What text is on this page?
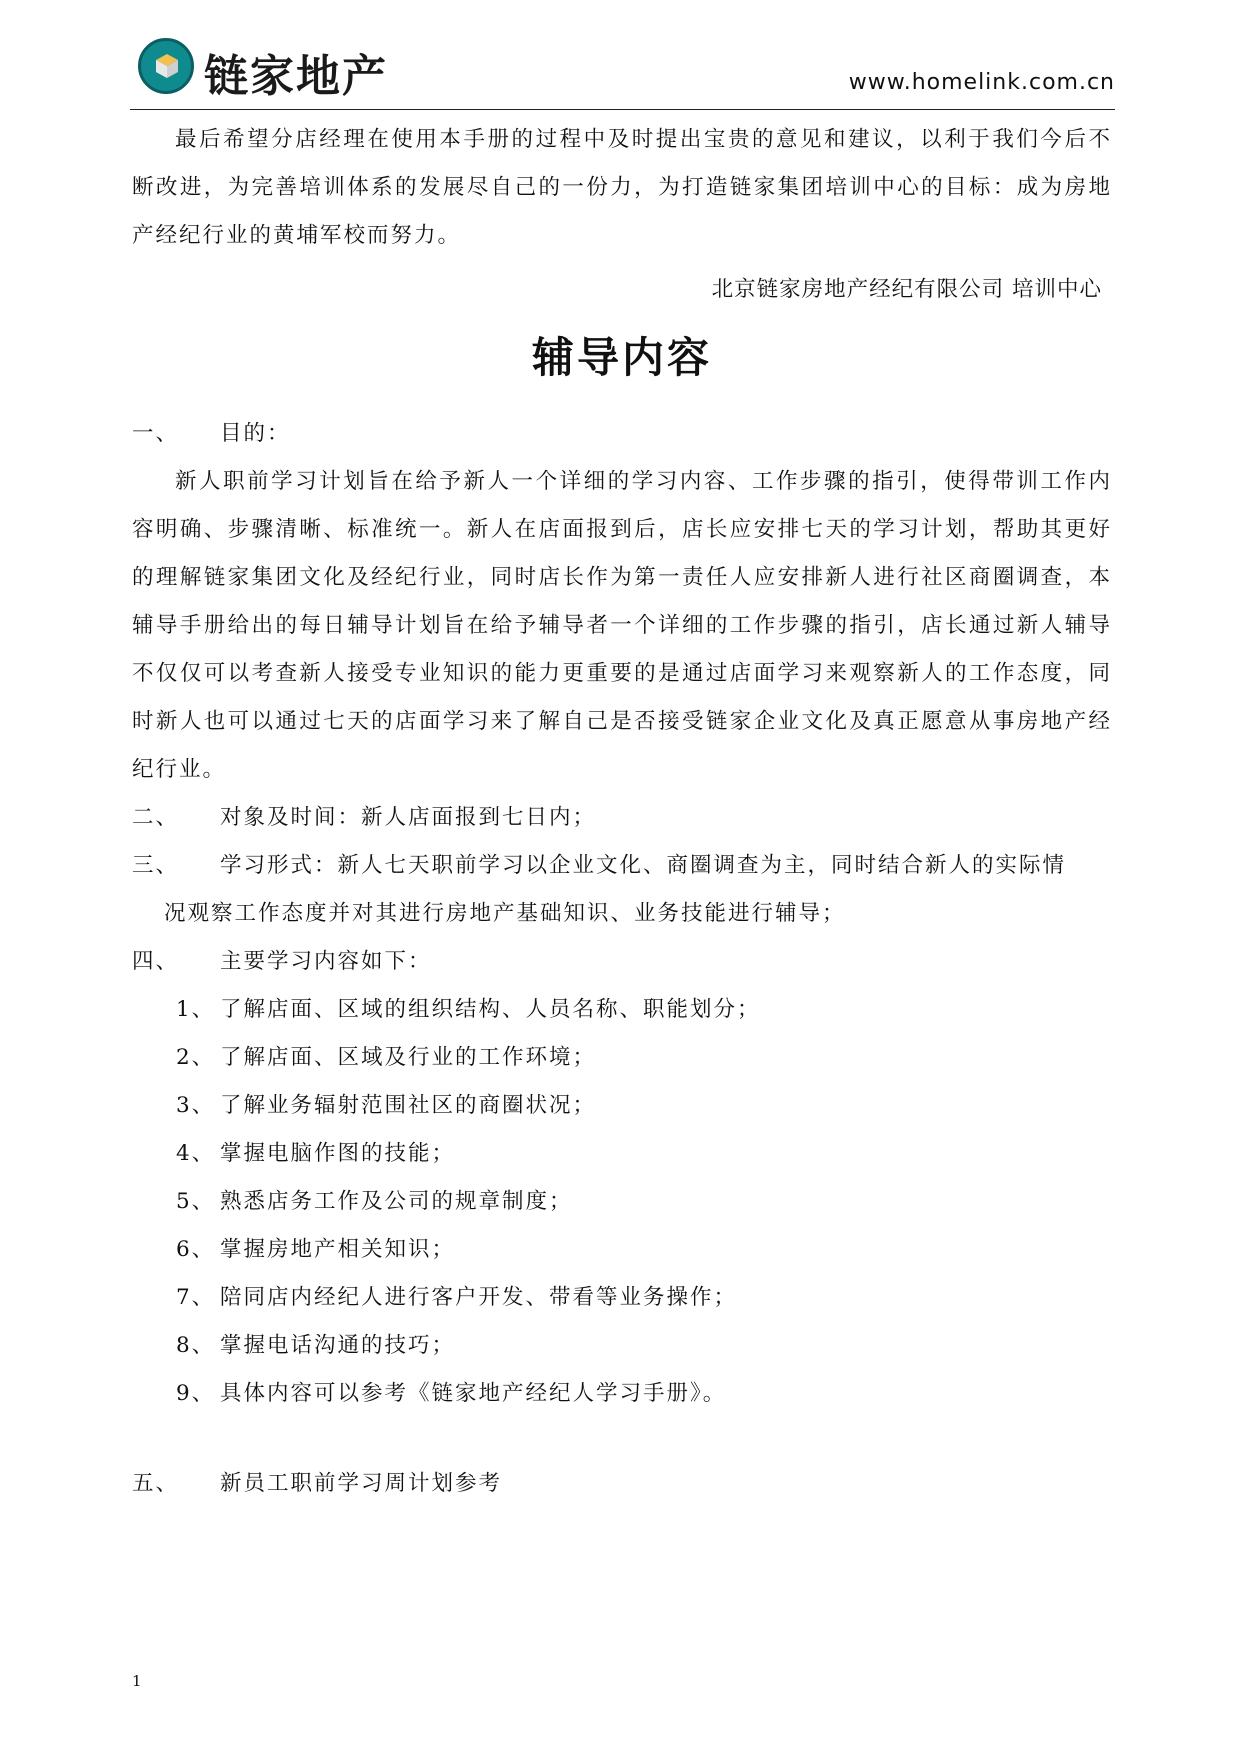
链家地产	www.homelink.com.cn

最后希望分店经理在使用本手册的过程中及时提出宝贵的意见和建议，以利于我们今后不断改进，为完善培训体系的发展尽自己的一份力，为打造链家集团培训中心的目标：成为房地产经纪行业的黄埔军校而努力。

北京链家房地产经纪有限公司 培训中心
辅导内容
一、	目的：

新人职前学习计划旨在给予新人一个详细的学习内容、工作步骤的指引，使得带训工作内容明确、步骤清晰、标准统一。新人在店面报到后，店长应安排七天的学习计划，帮助其更好的理解链家集团文化及经纪行业，同时店长作为第一责任人应安排新人进行社区商圈调查，本辅导手册给出的每日辅导计划旨在给予辅导者一个详细的工作步骤的指引，店长通过新人辅导不仅仅可以考查新人接受专业知识的能力更重要的是通过店面学习来观察新人的工作态度，同时新人也可以通过七天的店面学习来了解自己是否接受链家企业文化及真正愿意从事房地产经纪行业。

二、	对象及时间：新人店面报到七日内；
三、	学习形式：新人七天职前学习以企业文化、商圈调查为主，同时结合新人的实际情
况观察工作态度并对其进行房地产基础知识、业务技能进行辅导；
四、	主要学习内容如下：
1、 了解店面、区域的组织结构、人员名称、职能划分；
2、 了解店面、区域及行业的工作环境；
3、 了解业务辐射范围社区的商圈状况；
4、 掌握电脑作图的技能；
5、 熟悉店务工作及公司的规章制度；
6、 掌握房地产相关知识；
7、 陪同店内经纪人进行客户开发、带看等业务操作；
8、 掌握电话沟通的技巧；
9、 具体内容可以参考《链家地产经纪人学习手册》。
五、	新员工职前学习周计划参考
1
